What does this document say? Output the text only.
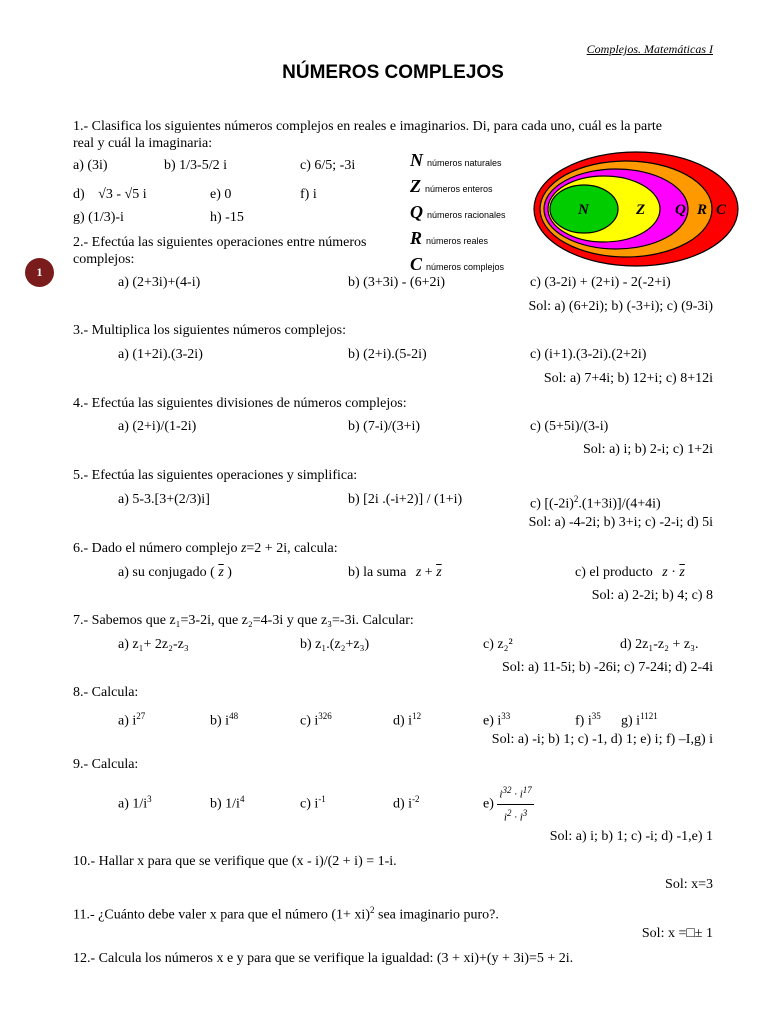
Complejos. Matemáticas I
NÚMEROS COMPLEJOS
1
N números naturales
Z números enteros
Q números racionales
R números reales
C números complejos
N	Z Q R C
1.- Clasifica los siguientes números complejos en reales e imaginarios. Di, para cada uno, cuál es la parte
real y cuál la imaginaria:
a) (3i)	b) 1/3-5/2 i	c) 6/5; -3i
d) √3 - √5 i	e) 0	f) i
g) (1/3)-i	h) -15
2.- Efectúa las siguientes operaciones entre números
complejos:
a) (2+3i)+(4-i)	b) (3+3i) - (6+2i)	c) (3-2i) + (2+i) - 2(-2+i)
Sol: a) (6+2i); b) (-3+i); c) (9-3i)
3.- Multiplica los siguientes números complejos:
a) (1+2i).(3-2i)	b) (2+i).(5-2i)	c) (i+1).(3-2i).(2+2i)
Sol: a) 7+4i; b) 12+i; c) 8+12i
4.- Efectúa las siguientes divisiones de números complejos:
a) (2+i)/(1-2i)	b) (7-i)/(3+i)	c) (5+5i)/(3-i)
Sol: a) i; b) 2-i; c) 1+2i
5.- Efectúa las siguientes operaciones y simplifica:
a) 5-3.[3+(2/3)i]	b) [2i .(-i+2)] / (1+i)	c) $[(-2i)^2.(1+3i)]/(4+4i)$
Sol: a) -4-2i; b) 3+i; c) -2-i; d) 5i
6.- Dado el número complejo z=2 + 2i, calcula:
a) su conjugado ( $\overline{z}$ )	b) la suma $z + \overline{z}$	c) el producto $z \cdot \overline{z}$
Sol: a) 2-2i; b) 4; c) 8
7.- Sabemos que z₁=3-2i, que z₂=4-3i y que z₃=-3i. Calcular:
a) z₁+ 2z₂-z₃	b) z₁.(z₂+z₃)	c) z₂²	d) 2z₁-z₂ + z₃.
Sol: a) 11-5i; b) -26i; c) 7-24i; d) 2-4i
8.- Calcula:
a) $i^{27}$	b) $i^{48}$	c) $i^{326}$	d) $i^{12}$	e) $i^{33}$	f) $i^{35}$ g) $i^{1121}$
Sol: a) -i; b) 1; c) -1, d) 1; e) i; f) –I,g) i
9.- Calcula:
a) $1/i^3$	b) $1/i^4$	c) $i^{-1}$	d) $i^{-2}$	$e) \frac{i^{32} \cdot i^{17}}{i^2 \cdot i^3}$
Sol: a) i; b) 1; c) -i; d) -1,e) 1
10.- Hallar x para que se verifique que (x - i)/(2 + i) = 1-i.
Sol: x=3
11.- ¿Cuánto debe valer x para que el número (1+ xi)$^2$ sea imaginario puro?.
Sol: x =□± 1
12.- Calcula los números x e y para que se verifique la igualdad: (3 + xi)+(y + 3i)=5 + 2i.
